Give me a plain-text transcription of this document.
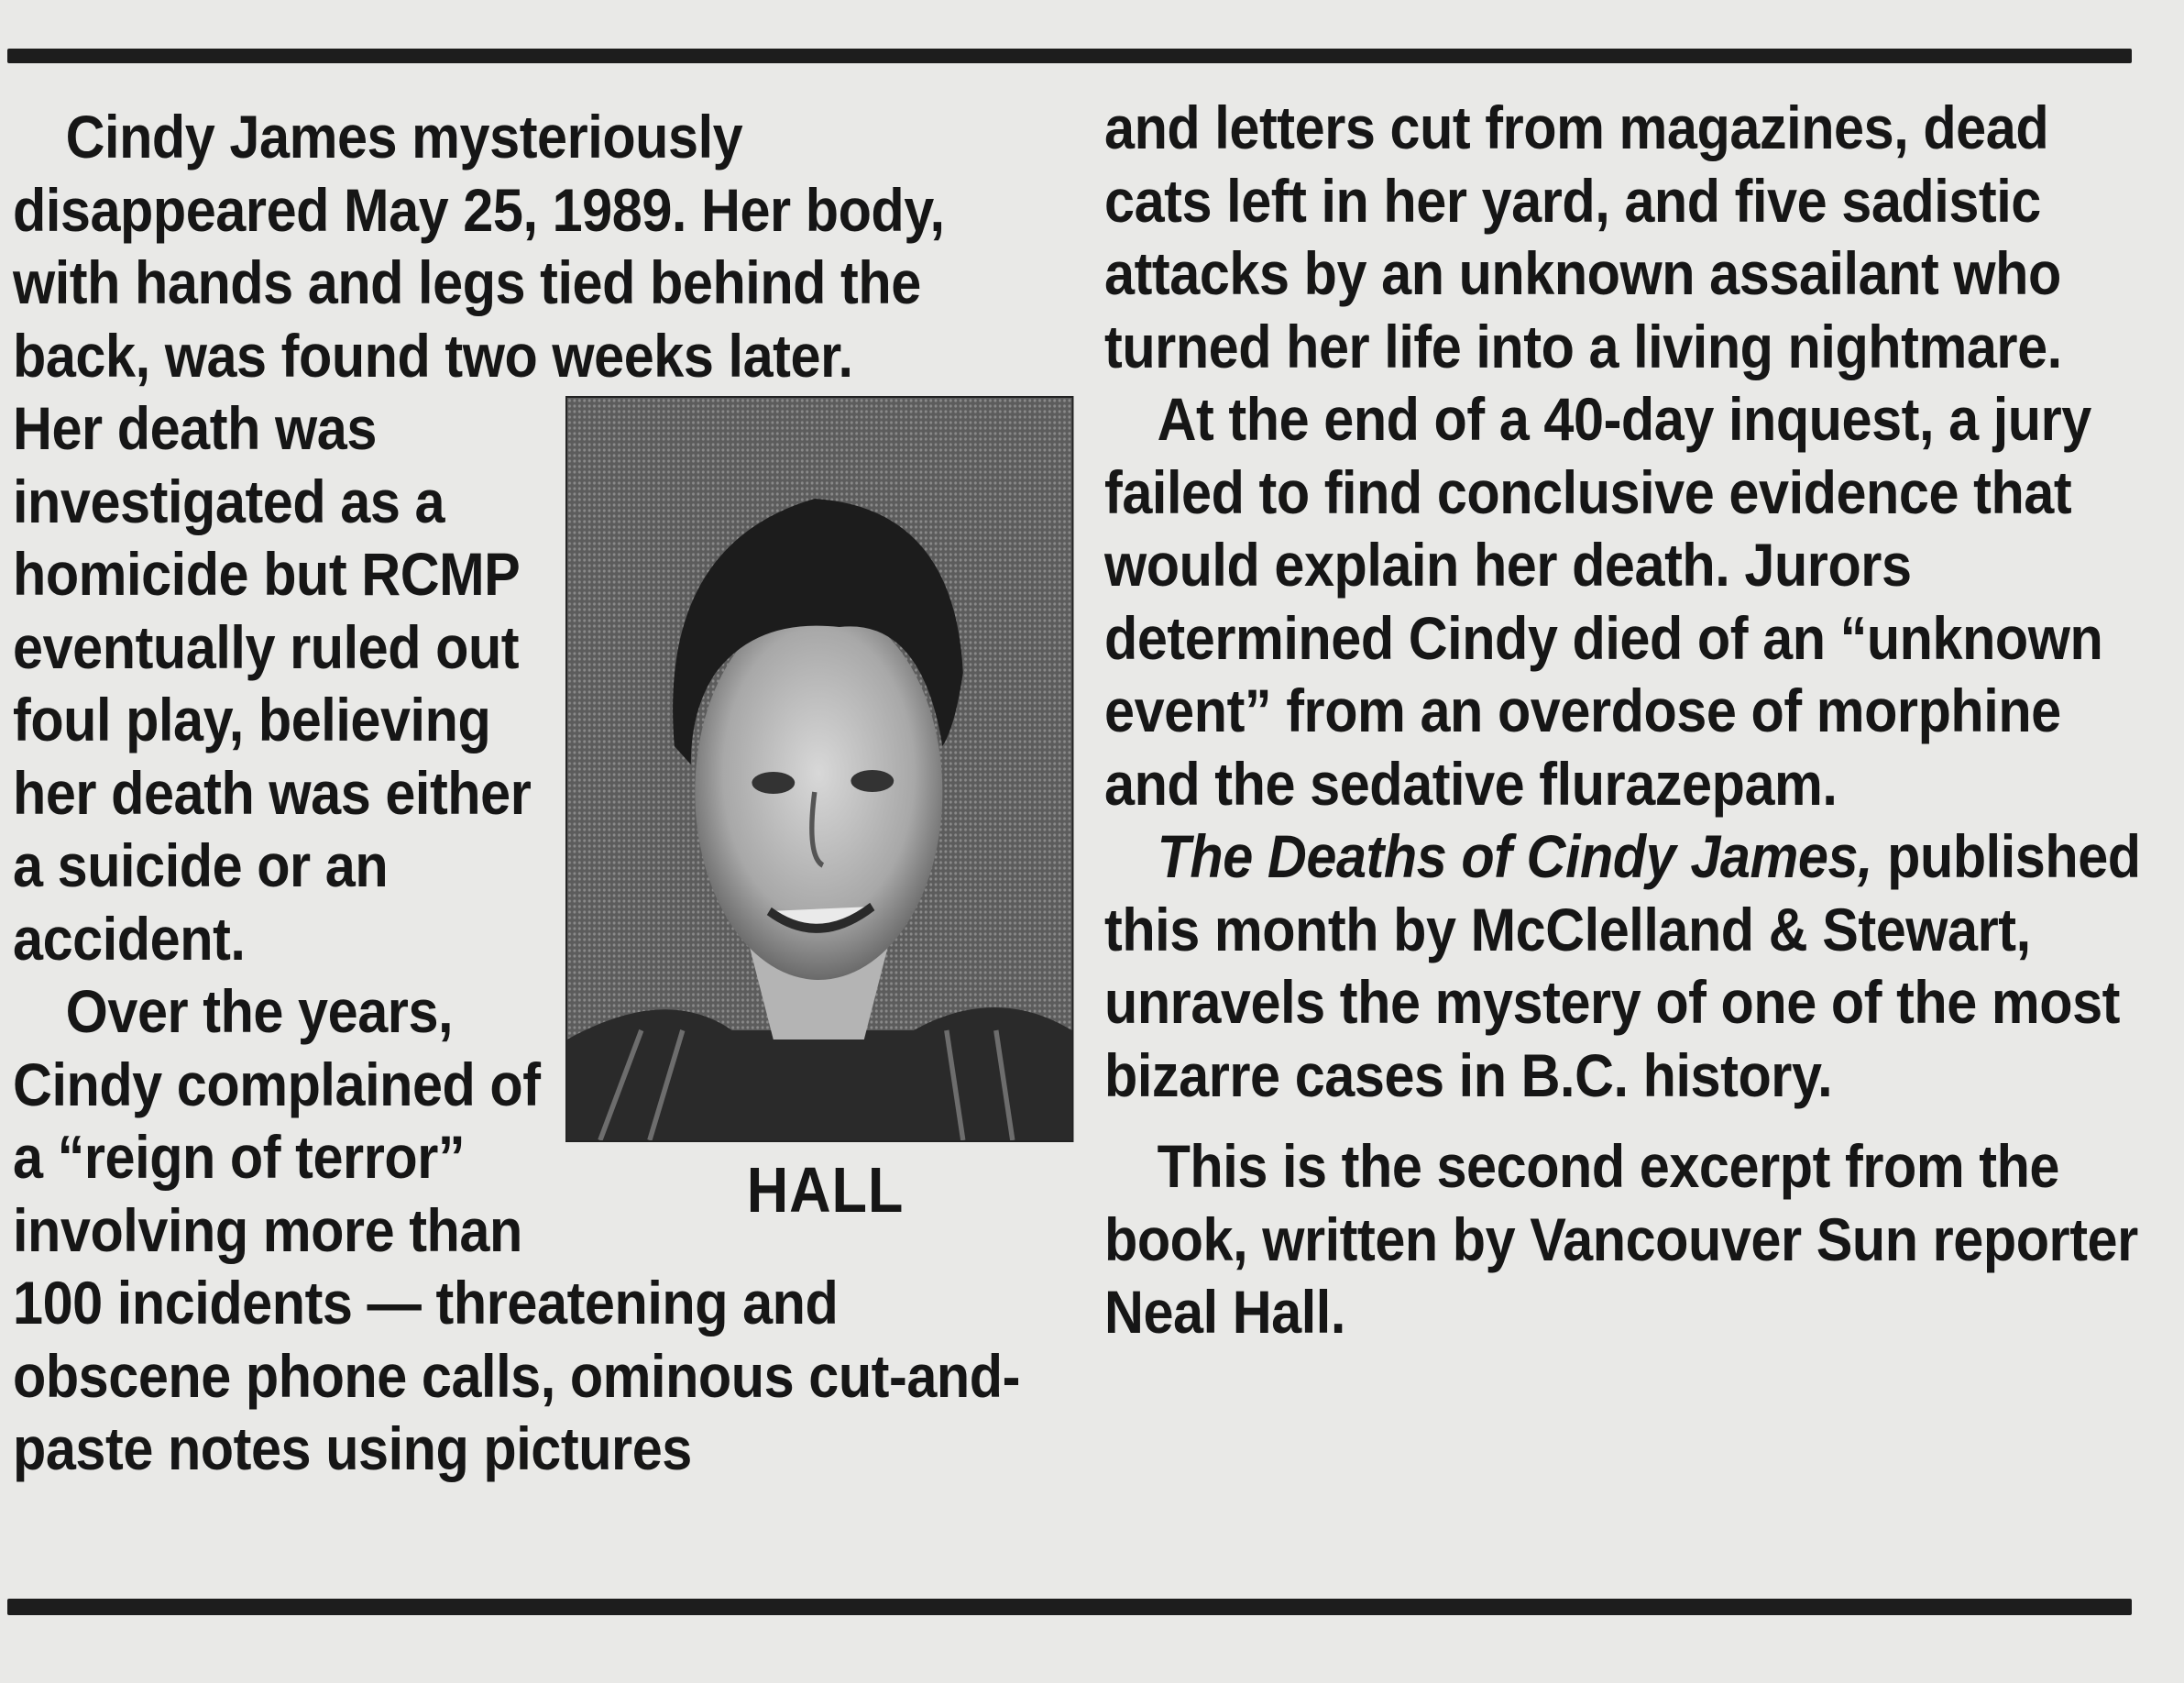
Cindy James mysteriously disappeared May 25, 1989. Her body, with hands and legs tied behind the back, was found two weeks later.

HALL

Her death was investigated as a homicide but RCMP eventually ruled out foul play, believing her death was either a suicide or an accident.

Over the years, Cindy complained of a “reign of terror” involving more than 100 incidents — threatening and obscene phone calls, ominous cut-and-paste notes using pictures

and letters cut from magazines, dead cats left in her yard, and five sadistic attacks by an unknown assailant who turned her life into a living nightmare.

At the end of a 40-day inquest, a jury failed to find conclusive evidence that would explain her death. Jurors determined Cindy died of an “unknown event” from an overdose of morphine and the sedative flurazepam.

The Deaths of Cindy James, published this month by McClelland & Stewart, unravels the mystery of one of the most bizarre cases in B.C. history.

This is the second excerpt from the book, written by Vancouver Sun reporter Neal Hall.
